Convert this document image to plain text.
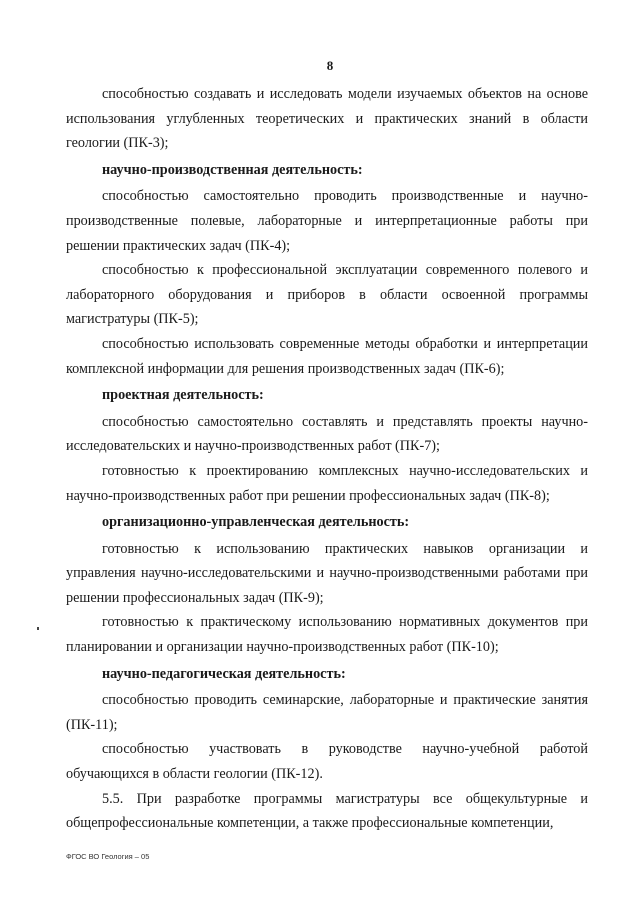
8

способностью создавать и исследовать модели изучаемых объектов на основе использования углубленных теоретических и практических знаний в области геологии (ПК-3);

научно-производственная деятельность:

способностью самостоятельно проводить производственные и научно-производственные полевые, лабораторные и интерпретационные работы при решении практических задач (ПК-4);

способностью к профессиональной эксплуатации современного полевого и лабораторного оборудования и приборов в области освоенной программы магистратуры (ПК-5);

способностью использовать современные методы обработки и интерпретации комплексной информации для решения производственных задач (ПК-6);

проектная деятельность:

способностью самостоятельно составлять и представлять проекты научно-исследовательских и научно-производственных работ (ПК-7);

готовностью к проектированию комплексных научно-исследовательских и научно-производственных работ при решении профессиональных задач (ПК-8);

организационно-управленческая деятельность:

готовностью к использованию практических навыков организации и управления научно-исследовательскими и научно-производственными работами при решении профессиональных задач (ПК-9);

готовностью к практическому использованию нормативных документов при планировании и организации научно-производственных работ (ПК-10);

научно-педагогическая деятельность:

способностью проводить семинарские, лабораторные и практические занятия (ПК-11);

способностью участвовать в руководстве научно-учебной работой обучающихся в области геологии (ПК-12).

5.5. При разработке программы магистратуры все общекультурные и общепрофессиональные компетенции, а также профессиональные компетенции,

ФГОС ВО Геология – 05
